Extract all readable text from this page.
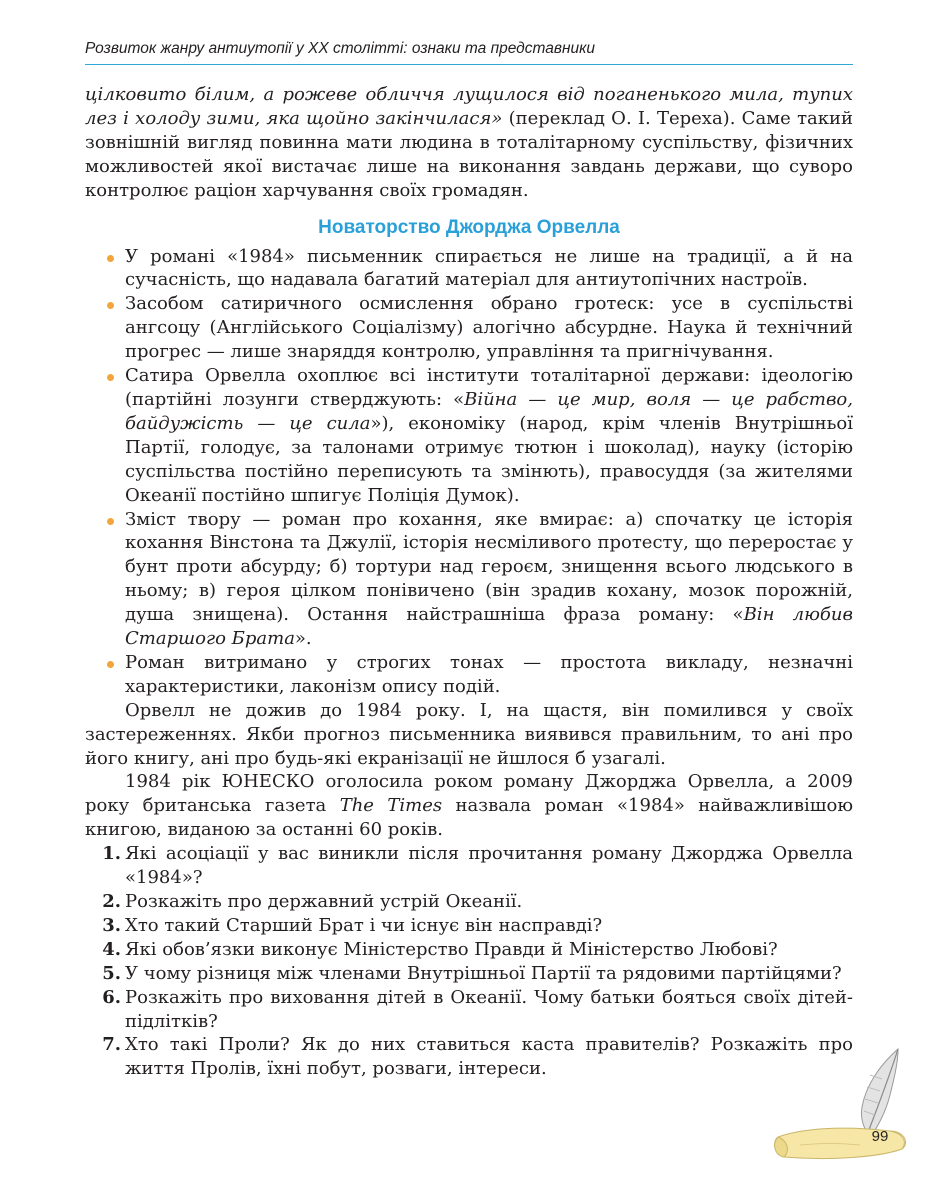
Розвиток жанру антиутопії у XX столітті: ознаки та представники

цілковито білим, а рожеве обличчя лущилося від поганенького мила, тупих лез і холоду зими, яка щойно закінчилася» (переклад О. І. Тереха). Саме такий зовнішній вигляд повинна мати людина в тоталітарному суспільству, фізичних можливостей якої вистачає лише на виконання завдань держави, що суворо контролює раціон харчування своїх громадян.

Новаторство Джорджа Орвелла
У романі «1984» письменник спирається не лише на традиції, а й на сучасність, що надавала багатий матеріал для антиутопічних настроїв.
Засобом сатиричного осмислення обрано гротеск: усе в суспільстві ангсоцу (Англійського Соціалізму) алогічно абсурдне. Наука й технічний прогрес — лише знаряддя контролю, управління та пригнічування.
Сатира Орвелла охоплює всі інститути тоталітарної держави: ідеологію (партійні лозунги стверджують: «Війна — це мир, воля — це рабство, байдужість — це сила»), економіку (народ, крім членів Внутрішньої Партії, голодує, за талонами отримує тютюн і шоколад), науку (історію суспільства постійно переписують та змінють), правосуддя (за жителями Океанії постійно шпигує Поліція Думок).
Зміст твору — роман про кохання, яке вмирає: а) спочатку це історія кохання Вінстона та Джулії, історія несміливого протесту, що переростає у бунт проти абсурду; б) тортури над героєм, знищення всього людського в ньому; в) героя цілком понівичено (він зрадив кохану, мозок порожній, душа знищена). Остання найстрашніша фраза роману: «Він любив Старшого Брата».
Роман витримано у строгих тонах — простота викладу, незначні характеристики, лаконізм опису подій.

Орвелл не дожив до 1984 року. І, на щастя, він помилився у своїх застереженнях. Якби прогноз письменника виявився правильним, то ані про його книгу, ані про будь-які екранізації не йшлося б узагалі.

1984 рік ЮНЕСКО оголосила роком роману Джорджа Орвелла, а 2009 року британська газета The Times назвала роман «1984» найважливішою книгою, виданою за останні 60 років.

1. Які асоціації у вас виникли після прочитання роману Джорджа Орвелла «1984»?
2. Розкажіть про державний устрій Океанії.
3. Хто такий Старший Брат і чи існує він насправді?
4. Які обов’язки виконує Міністерство Правди й Міністерство Любові?
5. У чому різниця між членами Внутрішньої Партії та рядовими партійцями?
6. Розкажіть про виховання дітей в Океанії. Чому батьки бояться своїх дітей-підлітків?
7. Хто такі Проли? Як до них ставиться каста правителів? Розкажіть про життя Пролів, їхні побут, розваги, інтереси.
99
